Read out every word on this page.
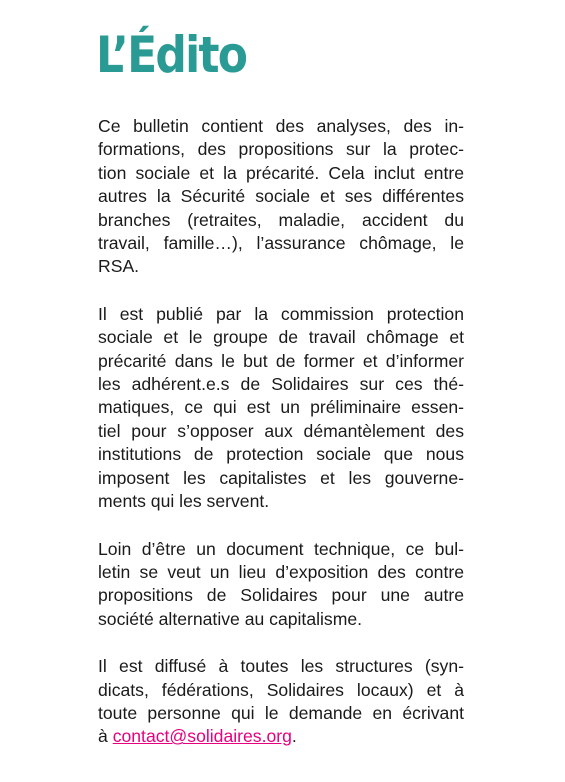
L’Édito

Ce bulletin contient des analyses, des in-
formations, des propositions sur la protec-
tion sociale et la précarité. Cela inclut entre
autres la Sécurité sociale et ses différentes
branches (retraites, maladie, accident du
travail, famille…), l’assurance chômage, le
RSA.

Il est publié par la commission protection
sociale et le groupe de travail chômage et
précarité dans le but de former et d’informer
les adhérent.e.s de Solidaires sur ces thé-
matiques, ce qui est un préliminaire essen-
tiel pour s’opposer aux démantèlement des
institutions de protection sociale que nous
imposent les capitalistes et les gouverne-
ments qui les servent.

Loin d’être un document technique, ce bul-
letin se veut un lieu d’exposition des contre
propositions de Solidaires pour une autre
société alternative au capitalisme.

Il est diffusé à toutes les structures (syn-
dicats, fédérations, Solidaires locaux) et à
toute personne qui le demande en écrivant
à contact@solidaires.org.
